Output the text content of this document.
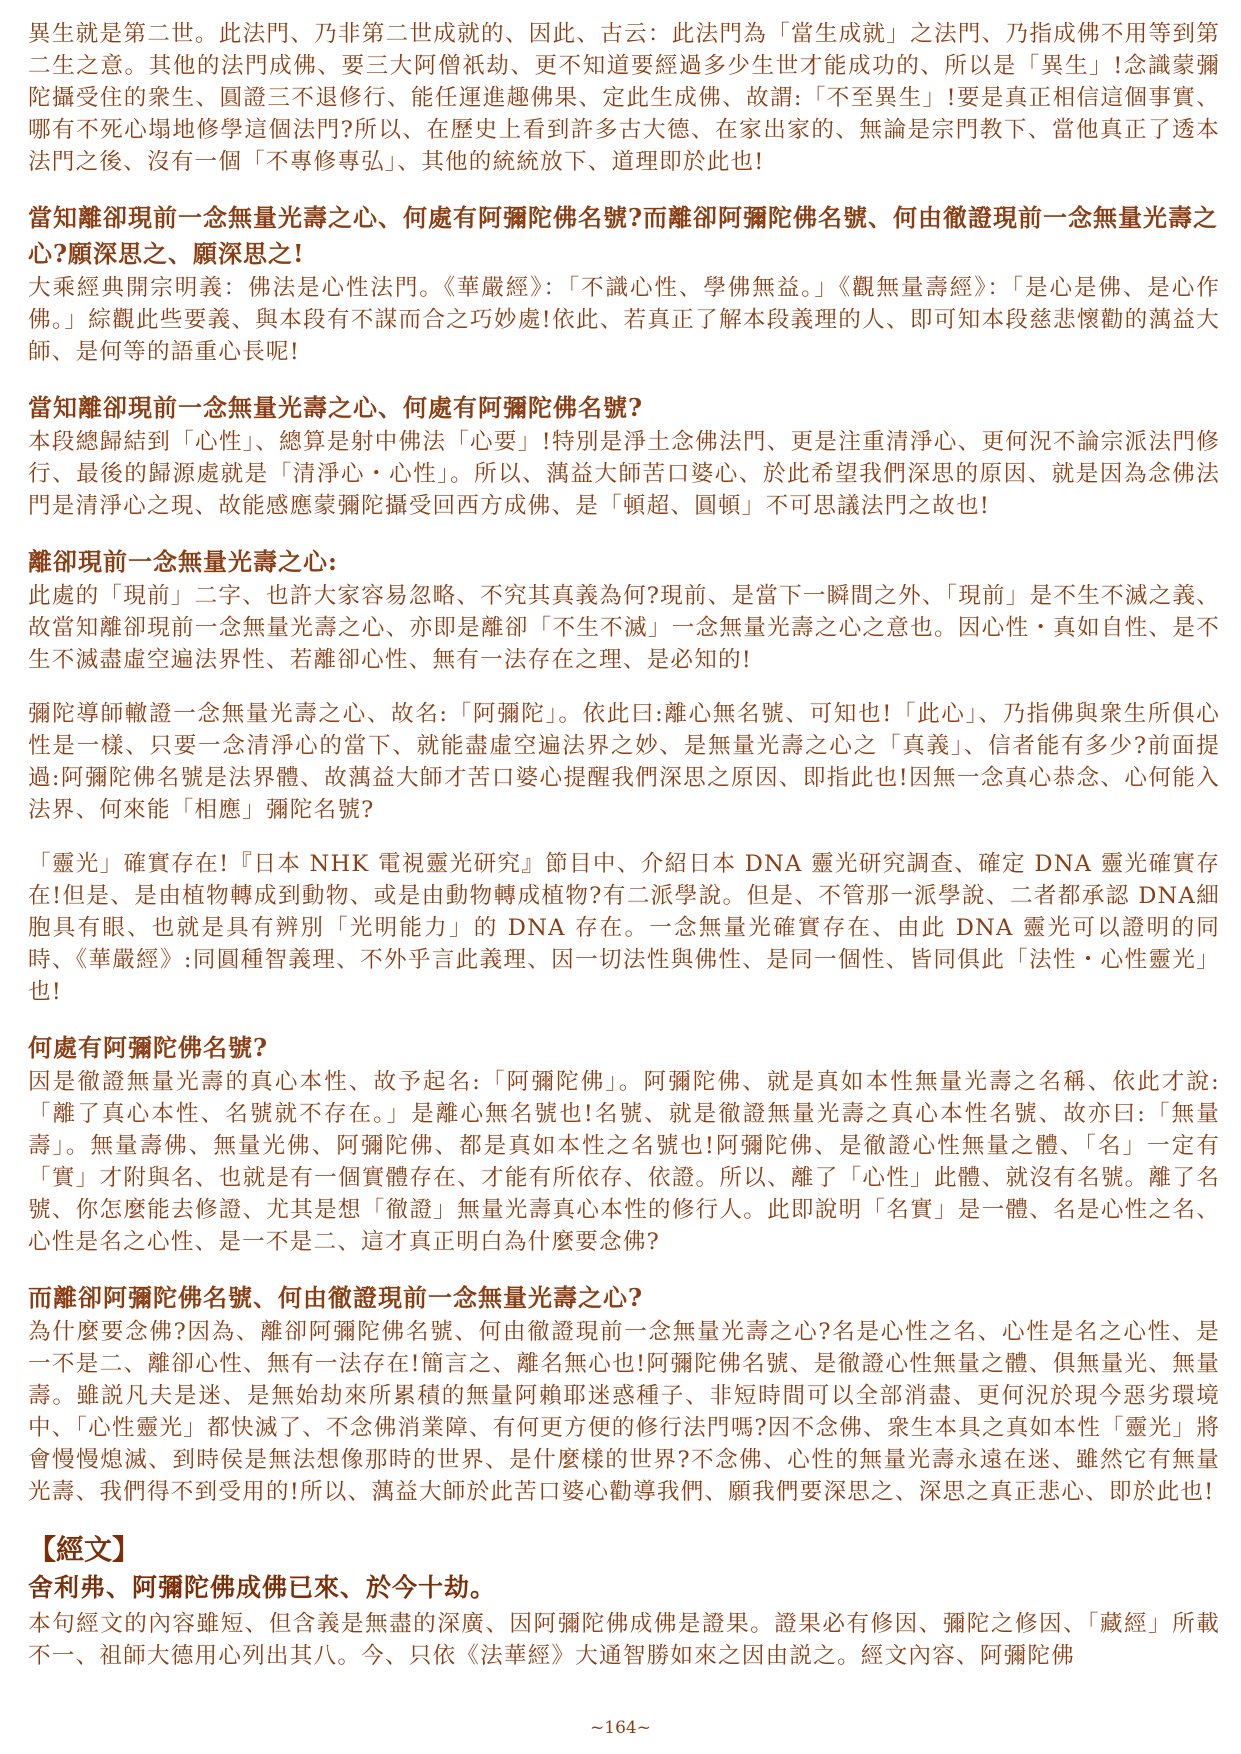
異生就是第二世。此法門、乃非第二世成就的、因此、古云：此法門為「當生成就」之法門、乃指成佛不用等到第二生之意。其他的法門成佛、要三大阿僧祇劫、更不知道要經過多少生世才能成功的、所以是「異生」!念識蒙彌陀攝受住的衆生、圓證三不退修行、能任運進趣佛果、定此生成佛、故謂:「不至異生」!要是真正相信這個事實、哪有不死心塌地修學這個法門?所以、在歷史上看到許多古大德、在家出家的、無論是宗門教下、當他真正了透本法門之後、沒有一個「不專修專弘」、其他的統統放下、道理即於此也!

當知離卻現前一念無量光壽之心、何處有阿彌陀佛名號?而離卻阿彌陀佛名號、何由徹證現前一念無量光壽之心?願深思之、願深思之!

大乘經典開宗明義：佛法是心性法門。《華嚴經》：「不識心性、學佛無益。」《觀無量壽經》：「是心是佛、是心作佛。」綜觀此些要義、與本段有不謀而合之巧妙處!依此、若真正了解本段義理的人、即可知本段慈悲懷勸的蕅益大師、是何等的語重心長呢!

當知離卻現前一念無量光壽之心、何處有阿彌陀佛名號?

本段總歸結到「心性」、總算是射中佛法「心要」!特別是淨土念佛法門、更是注重清淨心、更何況不論宗派法門修行、最後的歸源處就是「清淨心・心性」。所以、蕅益大師苦口婆心、於此希望我們深思的原因、就是因為念佛法門是清淨心之現、故能感應蒙彌陀攝受回西方成佛、是「頓超、圓頓」不可思議法門之故也!

離卻現前一念無量光壽之心:

此處的「現前」二字、也許大家容易忽略、不究其真義為何?現前、是當下一瞬間之外、「現前」是不生不滅之義、故當知離卻現前一念無量光壽之心、亦即是離卻「不生不滅」一念無量光壽之心之意也。因心性・真如自性、是不生不滅盡虛空遍法界性、若離卻心性、無有一法存在之理、是必知的!

彌陀導師轍證一念無量光壽之心、故名:「阿彌陀」。依此曰:離心無名號、可知也!「此心」、乃指佛與衆生所俱心性是一樣、只要一念清淨心的當下、就能盡虛空遍法界之妙、是無量光壽之心之「真義」、信者能有多少?前面提過:阿彌陀佛名號是法界體、故蕅益大師才苦口婆心提醒我們深思之原因、即指此也!因無一念真心恭念、心何能入法界、何來能「相應」彌陀名號?

「靈光」確實存在!『日本 NHK 電視靈光研究』節目中、介紹日本 DNA 靈光研究調查、確定 DNA 靈光確實存在!但是、是由植物轉成到動物、或是由動物轉成植物?有二派學說。但是、不管那一派學說、二者都承認 DNA細胞具有眼、也就是具有辨別「光明能力」的 DNA 存在。一念無量光確實存在、由此 DNA 靈光可以證明的同時、《華嚴經》:同圓種智義理、不外乎言此義理、因一切法性與佛性、是同一個性、皆同俱此「法性・心性靈光」也!

何處有阿彌陀佛名號?

因是徹證無量光壽的真心本性、故予起名:「阿彌陀佛」。阿彌陀佛、就是真如本性無量光壽之名稱、依此才說:「離了真心本性、名號就不存在。」是離心無名號也!名號、就是徹證無量光壽之真心本性名號、故亦曰:「無量壽」。無量壽佛、無量光佛、阿彌陀佛、都是真如本性之名號也!阿彌陀佛、是徹證心性無量之體、「名」一定有「實」才附與名、也就是有一個實體存在、才能有所依存、依證。所以、離了「心性」此體、就沒有名號。離了名號、你怎麼能去修證、尤其是想「徹證」無量光壽真心本性的修行人。此即說明「名實」是一體、名是心性之名、心性是名之心性、是一不是二、這才真正明白為什麼要念佛?

而離卻阿彌陀佛名號、何由徹證現前一念無量光壽之心?

為什麼要念佛?因為、離卻阿彌陀佛名號、何由徹證現前一念無量光壽之心?名是心性之名、心性是名之心性、是一不是二、離卻心性、無有一法存在!簡言之、離名無心也!阿彌陀佛名號、是徹證心性無量之體、俱無量光、無量壽。雖説凡夫是迷、是無始劫來所累積的無量阿賴耶迷惑種子、非短時間可以全部消盡、更何況於現今惡劣環境中、「心性靈光」都快滅了、不念佛消業障、有何更方便的修行法門嗎?因不念佛、衆生本具之真如本性「靈光」將會慢慢熄滅、到時侯是無法想像那時的世界、是什麼樣的世界?不念佛、心性的無量光壽永遠在迷、雖然它有無量光壽、我們得不到受用的!所以、蕅益大師於此苦口婆心勸導我們、願我們要深思之、深思之真正悲心、即於此也!

【經文】
舍利弗、阿彌陀佛成佛已來、於今十劫。

本句經文的內容雖短、但含義是無盡的深廣、因阿彌陀佛成佛是證果。證果必有修因、彌陀之修因、「藏經」所載不一、祖師大德用心列出其八。今、只依《法華經》大通智勝如來之因由説之。經文內容、阿彌陀佛

~164~
